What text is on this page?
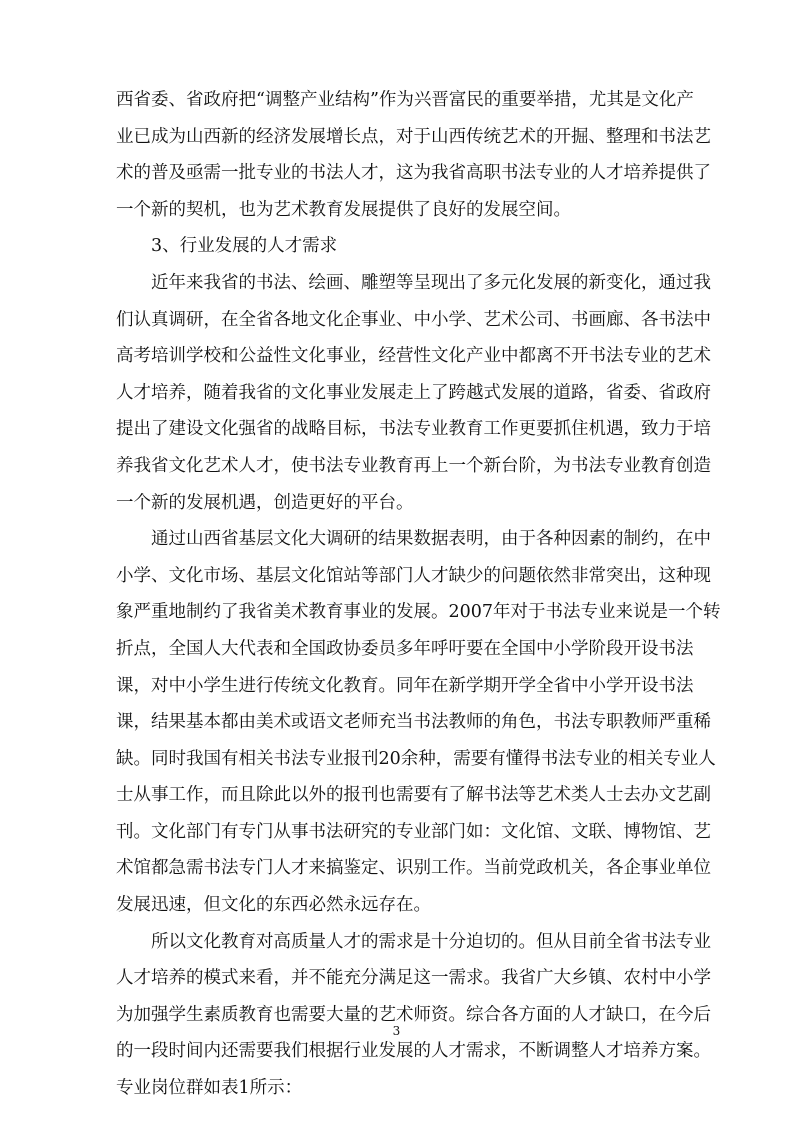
西省委、省政府把“调整产业结构”作为兴晋富民的重要举措，尤其是文化产
业已成为山西新的经济发展增长点，对于山西传统艺术的开掘、整理和书法艺
术的普及亟需一批专业的书法人才，这为我省高职书法专业的人才培养提供了
一个新的契机，也为艺术教育发展提供了良好的发展空间。
3、行业发展的人才需求
近年来我省的书法、绘画、雕塑等呈现出了多元化发展的新变化，通过我
们认真调研，在全省各地文化企事业、中小学、艺术公司、书画廊、各书法中
高考培训学校和公益性文化事业，经营性文化产业中都离不开书法专业的艺术
人才培养，随着我省的文化事业发展走上了跨越式发展的道路，省委、省政府
提出了建设文化强省的战略目标，书法专业教育工作更要抓住机遇，致力于培
养我省文化艺术人才，使书法专业教育再上一个新台阶，为书法专业教育创造
一个新的发展机遇，创造更好的平台。
通过山西省基层文化大调研的结果数据表明，由于各种因素的制约，在中
小学、文化市场、基层文化馆站等部门人才缺少的问题依然非常突出，这种现
象严重地制约了我省美术教育事业的发展。2007年对于书法专业来说是一个转
折点，全国人大代表和全国政协委员多年呼吁要在全国中小学阶段开设书法
课，对中小学生进行传统文化教育。同年在新学期开学全省中小学开设书法
课，结果基本都由美术或语文老师充当书法教师的角色，书法专职教师严重稀
缺。同时我国有相关书法专业报刊20余种，需要有懂得书法专业的相关专业人
士从事工作，而且除此以外的报刊也需要有了解书法等艺术类人士去办文艺副
刊。文化部门有专门从事书法研究的专业部门如：文化馆、文联、博物馆、艺
术馆都急需书法专门人才来搞鉴定、识别工作。当前党政机关，各企事业单位
发展迅速，但文化的东西必然永远存在。
所以文化教育对高质量人才的需求是十分迫切的。但从目前全省书法专业
人才培养的模式来看，并不能充分满足这一需求。我省广大乡镇、农村中小学
为加强学生素质教育也需要大量的艺术师资。综合各方面的人才缺口，在今后
的一段时间内还需要我们根据行业发展的人才需求，不断调整人才培养方案。
专业岗位群如表1所示：
3
